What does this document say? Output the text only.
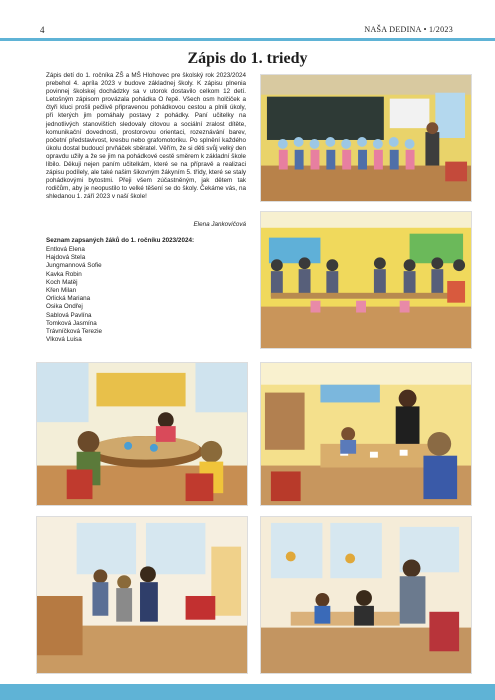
4	NAŠA DEDINA • 1/2023
Zápis do 1. triedy

Zápis detí do 1. ročníka ZŠ a MŠ Hlohovec pre školský rok 2023/2024 prebehol 4. apríla 2023 v budove základnej školy. K zápisu plnenia povinnej školskej dochádzky sa v utorok dostavilo celkom 12 detí. Letošným zápisom provázala pohádka O řepě. Všech osm holčiček a čtyři kluci prošli pečlivě připravenou pohádkovou cestou a plnili úkoly, při kterých jim pomáhaly postavy z pohádky. Paní učitelky na jednotlivých stanovištích sledovaly citovou a sociální zralost dítěte, komunikační dovednosti, prostorovou orientaci, rozeznávání barev, početní představivost, kresbu nebo grafomotoriku. Po splnění každého úkolu dostal budoucí prvňáček sběratel. Věřím, že si děti svůj velký den opravdu užily a že se jim na pohádkové cestě směrem k základní škole líbilo. Děkuji nejen paním učitelkám, které se na přípravě a realizaci zápisu podílely, ale také našim šikovným žákyním 5. třídy, které se staly pohádkovými bytostmi. Přeji všem zúčastněným, jak dětem tak rodičům, aby je neopustilo to velké těšení se do školy. Čekáme vás, na shledanou 1. září 2023 v naší škole!

Elena Jankovičová
Seznam zapsaných žáků do 1. ročníku 2023/2024:
Entlová Elena
Hajdová Stela
Jungmannová Sofie
Kavka Robin
Koch Matěj
Křen Milan
Orlická Mariana
Osika Ondřej
Sablová Pavlína
Tomková Jasmína
Trávníčková Terezie
Vlková Luisa
